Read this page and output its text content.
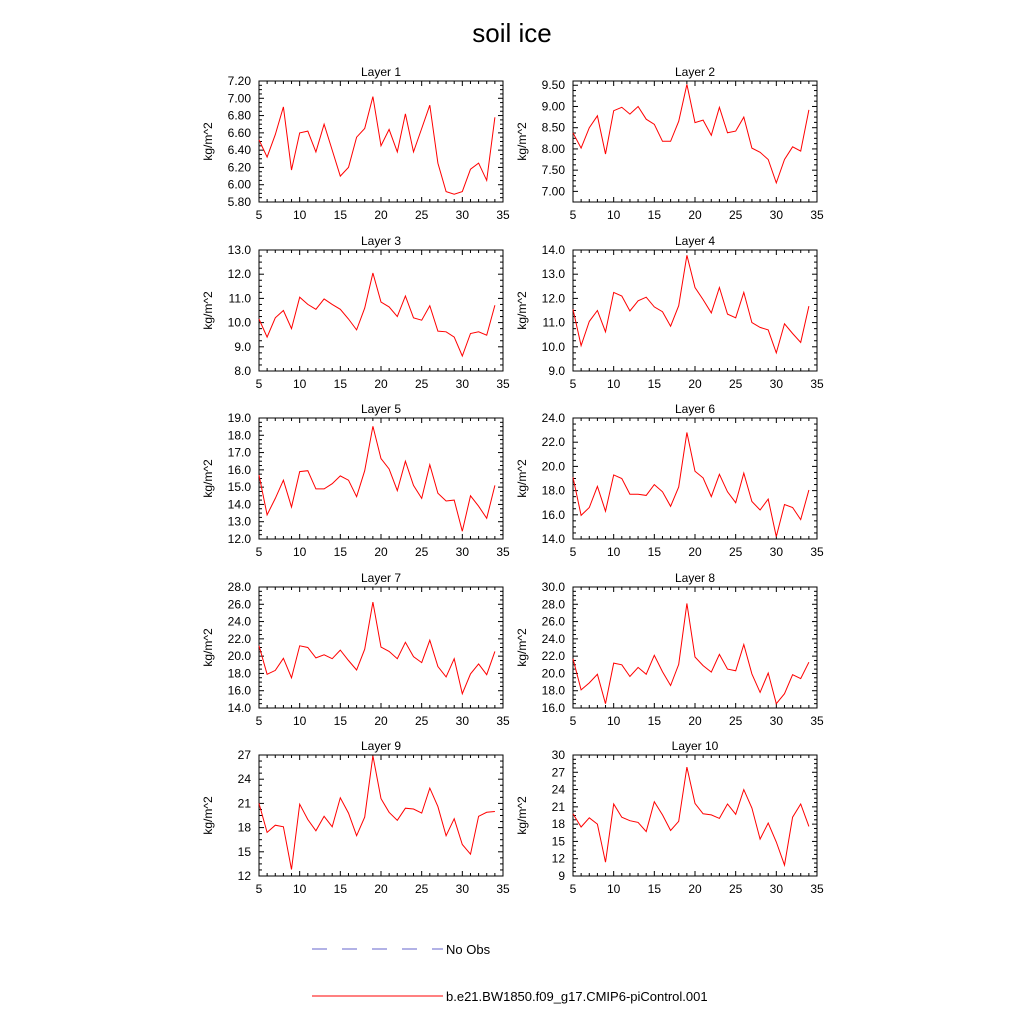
soil ice
Layer 1
kg/m^2
5	10 15 20 25 30 35
5.80
6.00
6.20
6.40
6.60
6.80
7.00
7.20
Layer 2
kg/m^2
5	10 15 20 25 30 35
7.00
7.50
8.00
8.50
9.00
9.50
Layer 3
kg/m^2
5	10 15 20 25 30 35
8.0
9.0
10.0
11.0
12.0
13.0
Layer 4
kg/m^2
5	10 15 20 25 30 35
9.0
10.0
11.0
12.0
13.0
14.0
Layer 5
kg/m^2
5	10 15 20 25 30 35
12.0
13.0
14.0
15.0
16.0
17.0
18.0
19.0
Layer 6
kg/m^2
5	10 15 20 25 30 35
14.0
16.0
18.0
20.0
22.0
24.0
Layer 7
kg/m^2
5	10 15 20 25 30 35
14.0
16.0
18.0
20.0
22.0
24.0
26.0
28.0
Layer 8
kg/m^2
5	10 15 20 25 30 35
16.0
18.0
20.0
22.0
24.0
26.0
28.0
30.0
Layer 9
kg/m^2
5	10 15 20 25 30 35
12
15
18
21
24
27
Layer 10
kg/m^2
5	10 15 20 25 30 35
9
12
15
18
21
24
27
30
No Obs
b.e21.BW1850.f09_g17.CMIP6-piControl.001
